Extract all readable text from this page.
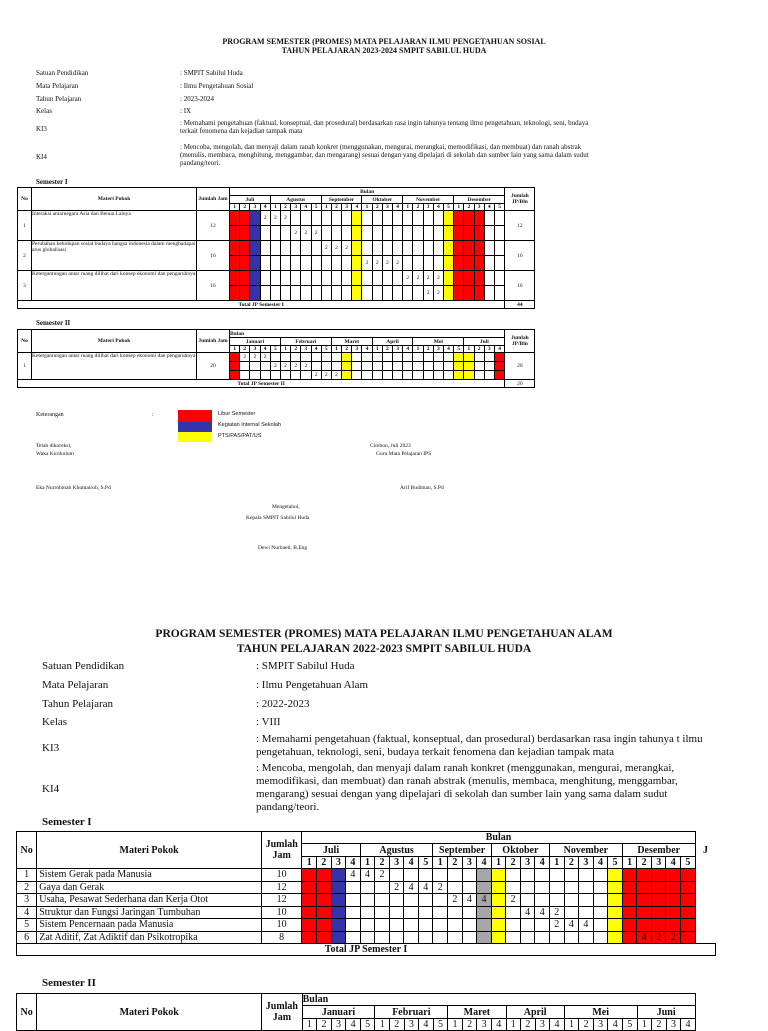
PROGRAM SEMESTER (PROMES) MATA PELAJARAN ILMU PENGETAHUAN SOSIAL
TAHUN PELAJARAN 2023-2024 SMPIT SABILUL HUDA
Satuan Pendidikan	: SMPIT Sabilul Huda
Mata Pelajaran	: Ilmu Pengetahuan Sosial
Tahun Pelajaran	: 2023-2024
Kelas	: IX
KI3
: Memahami pengetahuan (faktual, konseptual, dan prosedural) berdasarkan rasa ingin tahunya tentang ilmu pengetahuan, teknologi, seni, budaya terkait fenomena dan kejadian tampak mata
KI4
: Mencoba, mengolah, dan menyaji dalam ranah konkret (menggunakan, mengurai, merangkai, memodifikasi, dan membuat) dan ranah abstrak (menulis, membaca, menghitung, menggambar, dan mengarang) sesuai dengan yang dipelajari di sekolah dan sumber lain yang sama dalam sudut pandang/teori.
Semester I
No	Materi Pokok	Jumlah Jam	Bulan																											Jumlah JP/Bln
			Juli				Agustus					September				Oktober				November					Desember					
			1	2	3	4	1	2	3	4	5	1	2	3	4	1	2	3	4	1	2	3	4	5	1	2	3	4	5	
1	Interaksi antarnegara Asia dan Benua Lainya	12				2	2	2																						12
									2	2	2																			
2	Perubahan kehidupan sosial budaya bangsa indonesia dalam menghadapai arus globalisasi	16										2	2	2																16
																2	2	2	2											
3	Ketergantungan antar ruang dilihat dari konsep ekonomi dan pengaruhnya	16																		2	2	2	2							16
																						2	2							
Total JP Semester I																														44
Semester II
No	Materi Pokok	Jumlah Jam	Bulan																											Jumlah JP/Bln
			Januari					Februari					Maret				April				Mei					Juli				
			1	2	3	4	5	1	2	3	4	5	1	2	3	4	1	2	3	4	1	2	3	4	5	1	2	3	4	
1	Ketergantungan antar ruang dilihat dari konsep ekonomi dan pengaruhnya	20		2	2	2																								20
							2	2	2	2																				
											2	2	2																	
Total JP Semester II																														20
Keterangan	:	Libur Semester
Kegiatan Internal Sekolah
PTS/PAS/PAT/US
Telah dikoreksi,
Waka Kurikulum
Eka Nurrohmah Khumairoh, S.Pd
Cirebon, Juli 2023
Guru Mata Pelajaran IPS
Arif Budiman, S.Pd
Mengetahui,
Kepala SMPIT Sabilul Huda
Dewi Nurbaeti, B.Eng
PROGRAM SEMESTER (PROMES) MATA PELAJARAN ILMU PENGETAHUAN ALAM
TAHUN PELAJARAN 2022-2023 SMPIT SABILUL HUDA
Satuan Pendidikan	: SMPIT Sabilul Huda
Mata Pelajaran	: Ilmu Pengetahuan Alam
Tahun Pelajaran	: 2022-2023
Kelas	: VIII
KI3
: Memahami pengetahuan (faktual, konseptual, dan prosedural) berdasarkan rasa ingin tahunya t ilmu pengetahuan, teknologi, seni, budaya terkait fenomena dan kejadian tampak mata
KI4
: Mencoba, mengolah, dan menyaji dalam ranah konkret (menggunakan, mengurai, merangkai, memodifikasi, dan membuat) dan ranah abstrak (menulis, membaca, menghitung, menggambar, mengarang) sesuai dengan yang dipelajari di sekolah dan sumber lain yang sama dalam sudut pandang/teori.
Semester I
No	Materi Pokok	Jumlah Jam	Bulan																											J
			Juli				Agustus					September				Oktober				November					Desember					
			1	2	3	4	1	2	3	4	5	1	2	3	4	1	2	3	4	1	2	3	4	5	1	2	3	4	5	
1	Sistem Gerak pada Manusia	10				4	4	2																						
2	Gaya dan Gerak	12							2	4	4	2																		
3	Usaha, Pesawat Sederhana dan Kerja Otot	12											2	4	4		2													
4	Struktur dan Fungsi Jaringan Tumbuhan	10																4	4	2										
5	Sistem Pencernaan pada Manusia	10																		2	4	4								
6	Zat Aditif, Zat Adiktif dan Psikotropika	8																								4	2	2		
Total JP Semester I																														
Semester II
No	Materi Pokok	Jumlah Jam	Bulan																											
			Januari					Februari					Maret				April				Mei					Juni				
			1	2	3	4	5	1	2	3	4	5	1	2	3	4	1	2	3	4	1	2	3	4	5	1	2	3	4	
